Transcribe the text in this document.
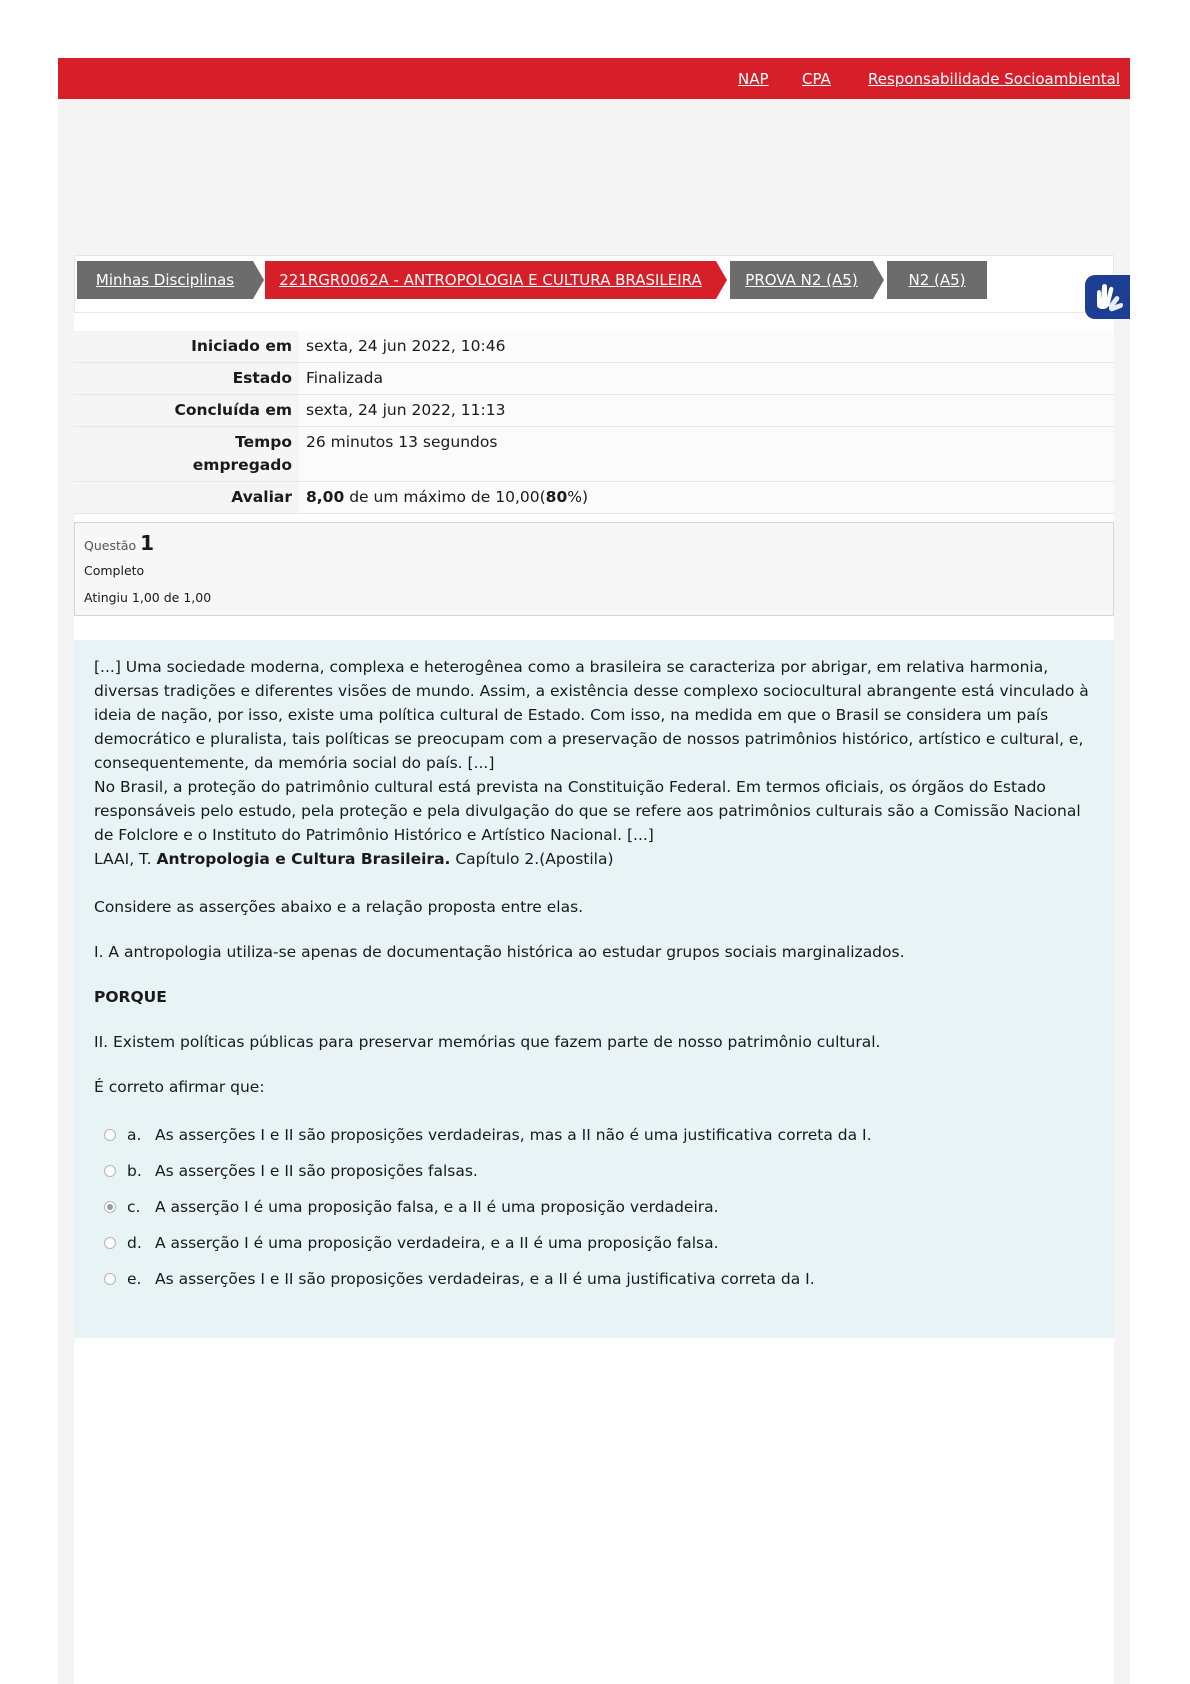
NAP CPA Responsabilidade Socioambiental
Minhas Disciplinas	221RGR0062A - ANTROPOLOGIA E CULTURA BRASILEIRA	PROVA N2 (A5)	N2 (A5)
Iniciado em	sexta, 24 jun 2022, 10:46
Estado	Finalizada
Concluída em	sexta, 24 jun 2022, 11:13
Tempo empregado	26 minutos 13 segundos
Avaliar	8,00 de um máximo de 10,00(80%)
Questão 1
Completo
Atingiu 1,00 de 1,00

[...] Uma sociedade moderna, complexa e heterogênea como a brasileira se caracteriza por abrigar, em relativa harmonia, diversas tradições e diferentes visões de mundo. Assim, a existência desse complexo sociocultural abrangente está vinculado à ideia de nação, por isso, existe uma política cultural de Estado. Com isso, na medida em que o Brasil se considera um país democrático e pluralista, tais políticas se preocupam com a preservação de nossos patrimônios histórico, artístico e cultural, e, consequentemente, da memória social do país. [...]

No Brasil, a proteção do patrimônio cultural está prevista na Constituição Federal. Em termos oficiais, os órgãos do Estado responsáveis pelo estudo, pela proteção e pela divulgação do que se refere aos patrimônios culturais são a Comissão Nacional de Folclore e o Instituto do Patrimônio Histórico e Artístico Nacional. [...]

LAAI, T. Antropologia e Cultura Brasileira. Capítulo 2.(Apostila)

Considere as asserções abaixo e a relação proposta entre elas.

I. A antropologia utiliza-se apenas de documentação histórica ao estudar grupos sociais marginalizados.

PORQUE

II. Existem políticas públicas para preservar memórias que fazem parte de nosso patrimônio cultural.

É correto afirmar que:

a. As asserções I e II são proposições verdadeiras, mas a II não é uma justificativa correta da I.
b. As asserções I e II são proposições falsas.
c. A asserção I é uma proposição falsa, e a II é uma proposição verdadeira.
d. A asserção I é uma proposição verdadeira, e a II é uma proposição falsa.
e. As asserções I e II são proposições verdadeiras, e a II é uma justificativa correta da I.
